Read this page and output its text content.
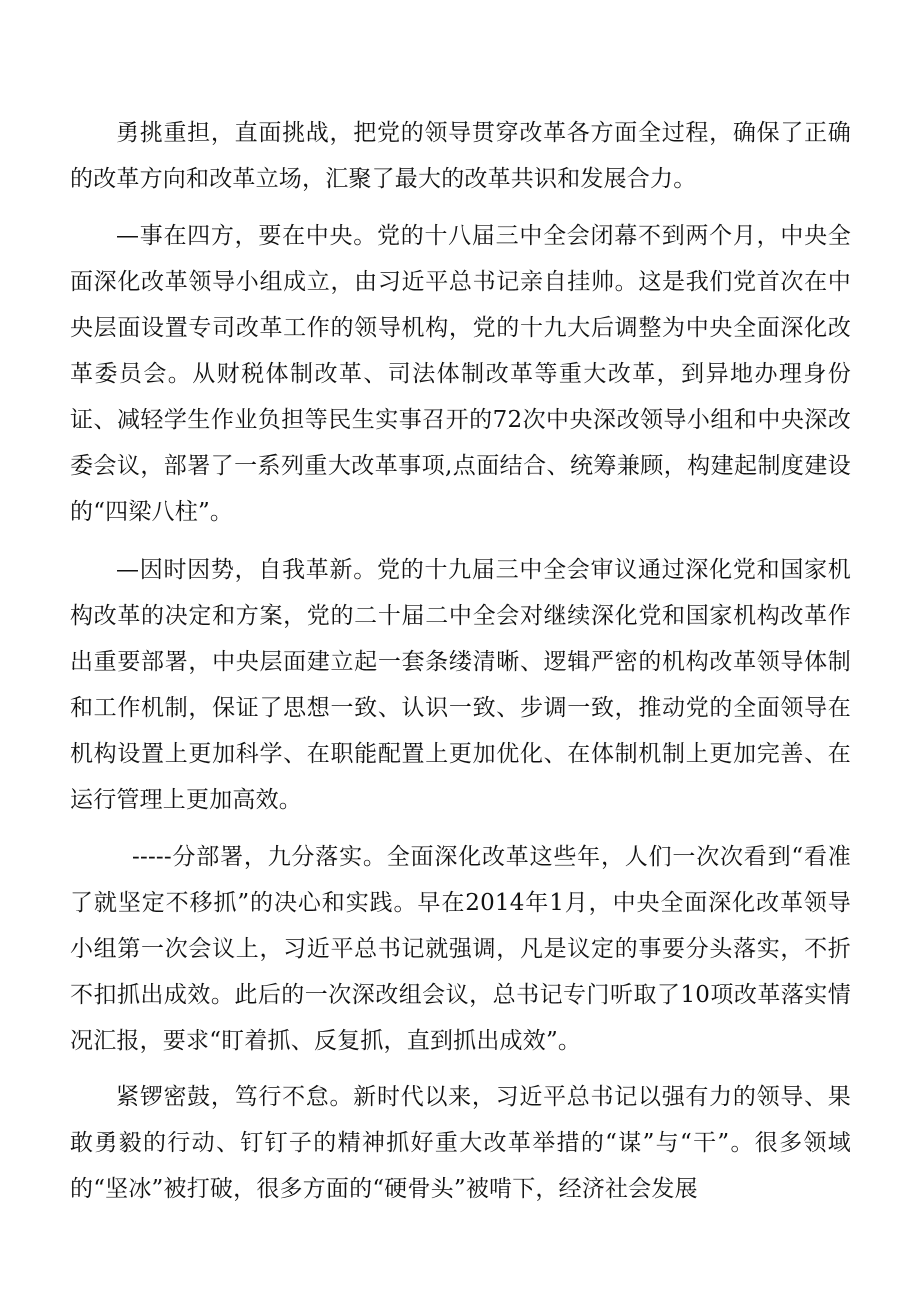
勇挑重担，直面挑战，把党的领导贯穿改革各方面全过程，确保了正确的改革方向和改革立场，汇聚了最大的改革共识和发展合力。

—事在四方，要在中央。党的十八届三中全会闭幕不到两个月，中央全面深化改革领导小组成立，由习近平总书记亲自挂帅。这是我们党首次在中央层面设置专司改革工作的领导机构，党的十九大后调整为中央全面深化改革委员会。从财税体制改革、司法体制改革等重大改革，到异地办理身份证、减轻学生作业负担等民生实事召开的72次中央深改领导小组和中央深改委会议，部署了一系列重大改革事项,点面结合、统筹兼顾，构建起制度建设的“四梁八柱”。

—因时因势，自我革新。党的十九届三中全会审议通过深化党和国家机构改革的决定和方案，党的二十届二中全会对继续深化党和国家机构改革作出重要部署，中央层面建立起一套条缕清晰、逻辑严密的机构改革领导体制和工作机制，保证了思想一致、认识一致、步调一致，推动党的全面领导在机构设置上更加科学、在职能配置上更加优化、在体制机制上更加完善、在运行管理上更加高效。

-----分部署，九分落实。全面深化改革这些年，人们一次次看到“看准了就坚定不移抓”的决心和实践。早在2014年1月，中央全面深化改革领导小组第一次会议上，习近平总书记就强调，凡是议定的事要分头落实，不折不扣抓出成效。此后的一次深改组会议，总书记专门听取了10项改革落实情况汇报，要求“盯着抓、反复抓，直到抓出成效”。

紧锣密鼓，笃行不怠。新时代以来，习近平总书记以强有力的领导、果敢勇毅的行动、钉钉子的精神抓好重大改革举措的“谋”与“干”。很多领域的“坚冰”被打破，很多方面的“硬骨头”被啃下，经济社会发展
